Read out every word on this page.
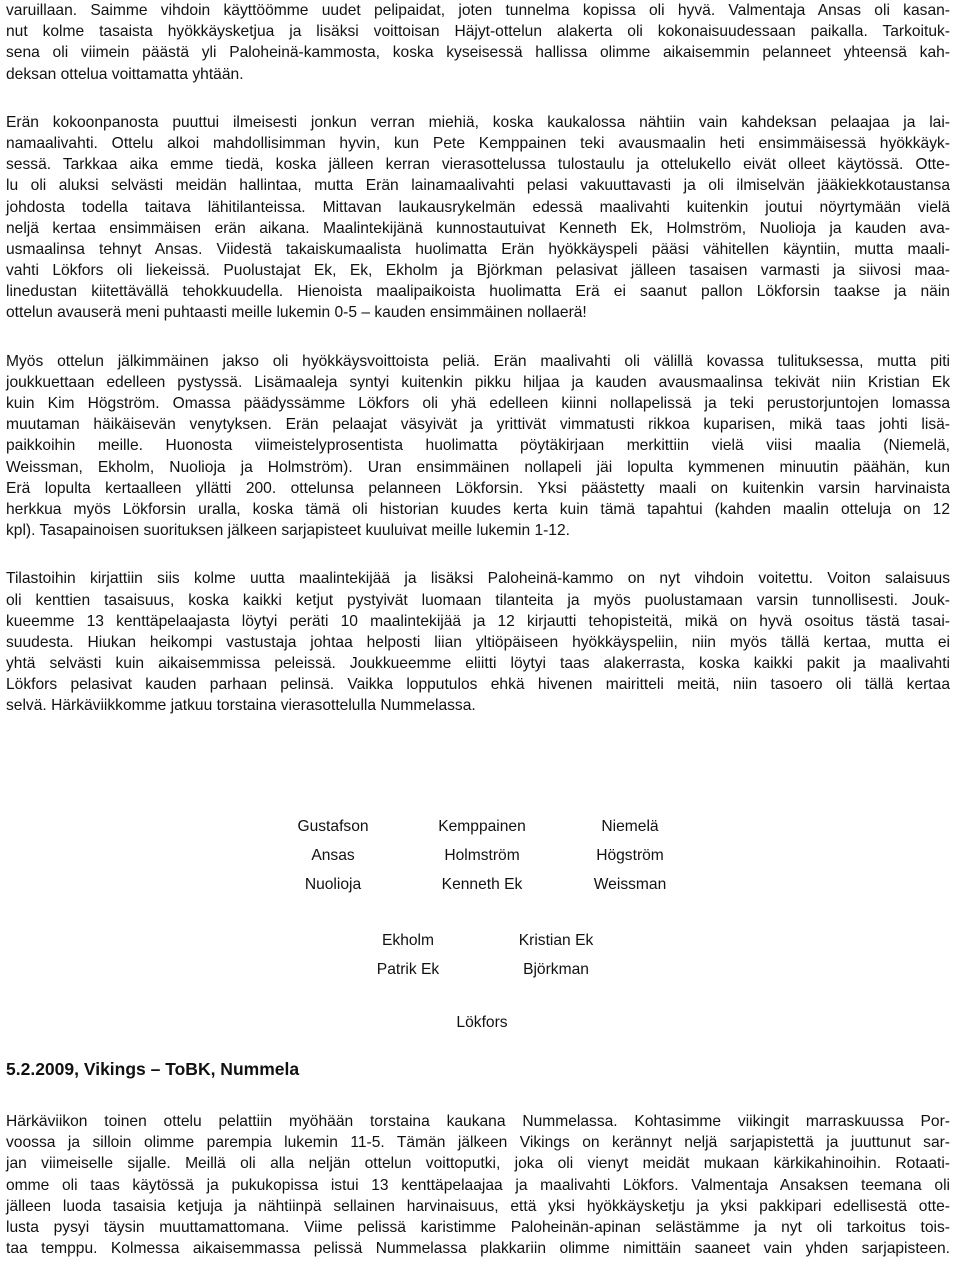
varuillaan. Saimme vihdoin käyttöömme uudet pelipaidat, joten tunnelma kopissa oli hyvä. Valmentaja Ansas oli kasan-
nut kolme tasaista hyökkäysketjua ja lisäksi voittoisan Häjyt-ottelun alakerta oli kokonaisuudessaan paikalla. Tarkoituk-
sena oli viimein päästä yli Paloheinä-kammosta, koska kyseisessä hallissa olimme aikaisemmin pelanneet yhteensä kah-
deksan ottelua voittamatta yhtään.
Erän kokoonpanosta puuttui ilmeisesti jonkun verran miehiä, koska kaukalossa nähtiin vain kahdeksan pelaajaa ja lai-
namaalivahti. Ottelu alkoi mahdollisimman hyvin, kun Pete Kemppainen teki avausmaalin heti ensimmäisessä hyökkäyk-
sessä. Tarkkaa aika emme tiedä, koska jälleen kerran vierasottelussa tulostaulu ja ottelukello eivät olleet käytössä. Otte-
lu oli aluksi selvästi meidän hallintaa, mutta Erän lainamaalivahti pelasi vakuuttavasti ja oli ilmiselvän jääkiekkotaustansa
johdosta todella taitava lähitilanteissa. Mittavan laukausrykelmän edessä maalivahti kuitenkin joutui nöyrtymään vielä
neljä kertaa ensimmäisen erän aikana. Maalintekijänä kunnostautuivat Kenneth Ek, Holmström, Nuolioja ja kauden ava-
usmaalinsa tehnyt Ansas. Viidestä takaiskumaalista huolimatta Erän hyökkäyspeli pääsi vähitellen käyntiin, mutta maali-
vahti Lökfors oli liekeissä. Puolustajat Ek, Ek, Ekholm ja Björkman pelasivat jälleen tasaisen varmasti ja siivosi maa-
linedustan kiitettävällä tehokkuudella. Hienoista maalipaikoista huolimatta Erä ei saanut pallon Lökforsin taakse ja näin
ottelun avauserä meni puhtaasti meille lukemin 0-5 – kauden ensimmäinen nollaerä!
Myös ottelun jälkimmäinen jakso oli hyökkäysvoittoista peliä. Erän maalivahti oli välillä kovassa tulituksessa, mutta piti
joukkuettaan edelleen pystyssä. Lisämaaleja syntyi kuitenkin pikku hiljaa ja kauden avausmaalinsa tekivät niin Kristian Ek
kuin Kim Högström. Omassa päädyssämme Lökfors oli yhä edelleen kiinni nollapelissä ja teki perustorjuntojen lomassa
muutaman häikäisevän venytyksen. Erän pelaajat väsyivät ja yrittivät vimmatusti rikkoa kuparisen, mikä taas johti lisä-
paikkoihin meille. Huonosta viimeistelyprosentista huolimatta pöytäkirjaan merkittiin vielä viisi maalia (Niemelä,
Weissman, Ekholm, Nuolioja ja Holmström). Uran ensimmäinen nollapeli jäi lopulta kymmenen minuutin päähän, kun
Erä lopulta kertaalleen yllätti 200. ottelunsa pelanneen Lökforsin. Yksi päästetty maali on kuitenkin varsin harvinaista
herkkua myös Lökforsin uralla, koska tämä oli historian kuudes kerta kuin tämä tapahtui (kahden maalin otteluja on 12
kpl). Tasapainoisen suorituksen jälkeen sarjapisteet kuuluivat meille lukemin 1-12.
Tilastoihin kirjattiin siis kolme uutta maalintekijää ja lisäksi Paloheinä-kammo on nyt vihdoin voitettu. Voiton salaisuus
oli kenttien tasaisuus, koska kaikki ketjut pystyivät luomaan tilanteita ja myös puolustamaan varsin tunnollisesti. Jouk-
kueemme 13 kenttäpelaajasta löytyi peräti 10 maalintekijää ja 12 kirjautti tehopisteitä, mikä on hyvä osoitus tästä tasai-
suudesta. Hiukan heikompi vastustaja johtaa helposti liian yltiöpäiseen hyökkäyspeliin, niin myös tällä kertaa, mutta ei
yhtä selvästi kuin aikaisemmissa peleissä. Joukkueemme eliitti löytyi taas alakerrasta, koska kaikki pakit ja maalivahti
Lökfors pelasivat kauden parhaan pelinsä. Vaikka lopputulos ehkä hivenen mairitteli meitä, niin tasoero oli tällä kertaa
selvä. Härkäviikkomme jatkuu torstaina vierasottelulla Nummelassa.
Gustafson	Kemppainen	Niemelä
Ansas	Holmström	Högström
Nuolioja	Kenneth Ek	Weissman
Ekholm	Kristian Ek
Patrik Ek	Björkman
Lökfors
5.2.2009, Vikings – ToBK, Nummela
Härkäviikon toinen ottelu pelattiin myöhään torstaina kaukana Nummelassa. Kohtasimme viikingit marraskuussa Por-
voossa ja silloin olimme parempia lukemin 11-5. Tämän jälkeen Vikings on kerännyt neljä sarjapistettä ja juuttunut sar-
jan viimeiselle sijalle. Meillä oli alla neljän ottelun voittoputki, joka oli vienyt meidät mukaan kärkikahinoihin. Rotaati-
omme oli taas käytössä ja pukukopissa istui 13 kenttäpelaajaa ja maalivahti Lökfors. Valmentaja Ansaksen teemana oli
jälleen luoda tasaisia ketjuja ja nähtiinpä sellainen harvinaisuus, että yksi hyökkäysketju ja yksi pakkipari edellisestä otte-
lusta pysyi täysin muuttamattomana. Viime pelissä karistimme Paloheinän-apinan selästämme ja nyt oli tarkoitus tois-
taa temppu. Kolmessa aikaisemmassa pelissä Nummelassa plakkariin olimme nimittäin saaneet vain yhden sarjapisteen.
